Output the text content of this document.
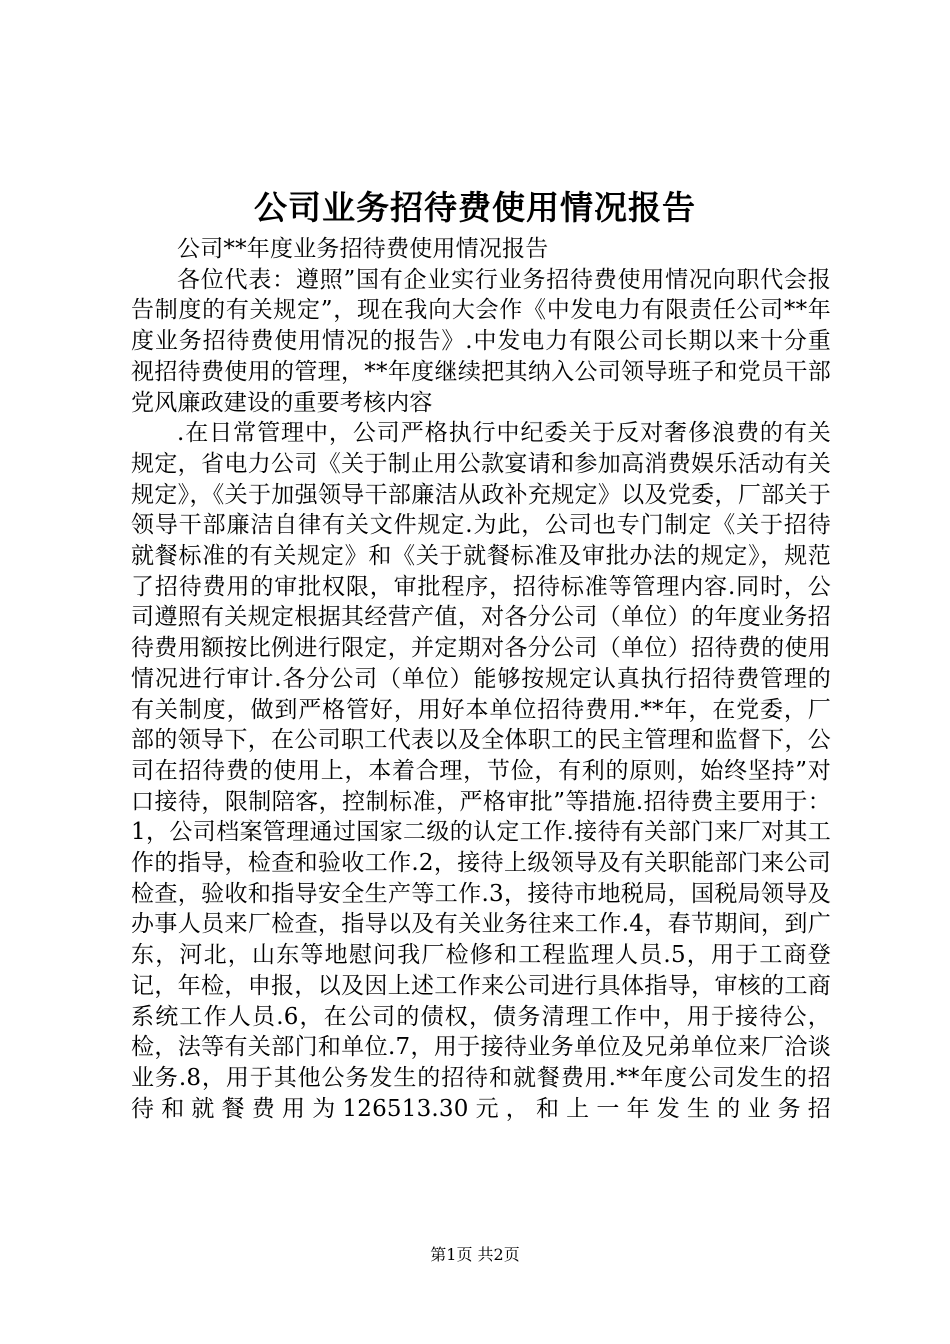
公司业务招待费使用情况报告

公司**年度业务招待费使用情况报告

各位代表：遵照”国有企业实行业务招待费使用情况向职代会报告制度的有关规定”，现在我向大会作《中发电力有限责任公司**年度业务招待费使用情况的报告》.中发电力有限公司长期以来十分重视招待费使用的管理，**年度继续把其纳入公司领导班子和党员干部党风廉政建设的重要考核内容

.在日常管理中，公司严格执行中纪委关于反对奢侈浪费的有关规定，省电力公司《关于制止用公款宴请和参加高消费娱乐活动有关规定》，《关于加强领导干部廉洁从政补充规定》以及党委，厂部关于领导干部廉洁自律有关文件规定.为此，公司也专门制定《关于招待就餐标准的有关规定》和《关于就餐标准及审批办法的规定》，规范了招待费用的审批权限，审批程序，招待标准等管理内容.同时，公司遵照有关规定根据其经营产值，对各分公司（单位）的年度业务招待费用额按比例进行限定，并定期对各分公司（单位）招待费的使用情况进行审计.各分公司（单位）能够按规定认真执行招待费管理的有关制度，做到严格管好，用好本单位招待费用.**年，在党委，厂部的领导下，在公司职工代表以及全体职工的民主管理和监督下，公司在招待费的使用上，本着合理，节俭，有利的原则，始终坚持”对口接待，限制陪客，控制标准，严格审批”等措施.招待费主要用于：1，公司档案管理通过国家二级的认定工作.接待有关部门来厂对其工作的指导，检查和验收工作.2，接待上级领导及有关职能部门来公司检查，验收和指导安全生产等工作.3，接待市地税局，国税局领导及办事人员来厂检查，指导以及有关业务往来工作.4，春节期间，到广东，河北，山东等地慰问我厂检修和工程监理人员.5，用于工商登记，年检，申报，以及因上述工作来公司进行具体指导，审核的工商系统工作人员.6，在公司的债权，债务清理工作中，用于接待公，检，法等有关部门和单位.7，用于接待业务单位及兄弟单位来厂洽谈业务.8，用于其他公务发生的招待和就餐费用.**年度公司发生的招待和就餐费用为126513.30元，和上一年发生的业务招

第1页 共2页
